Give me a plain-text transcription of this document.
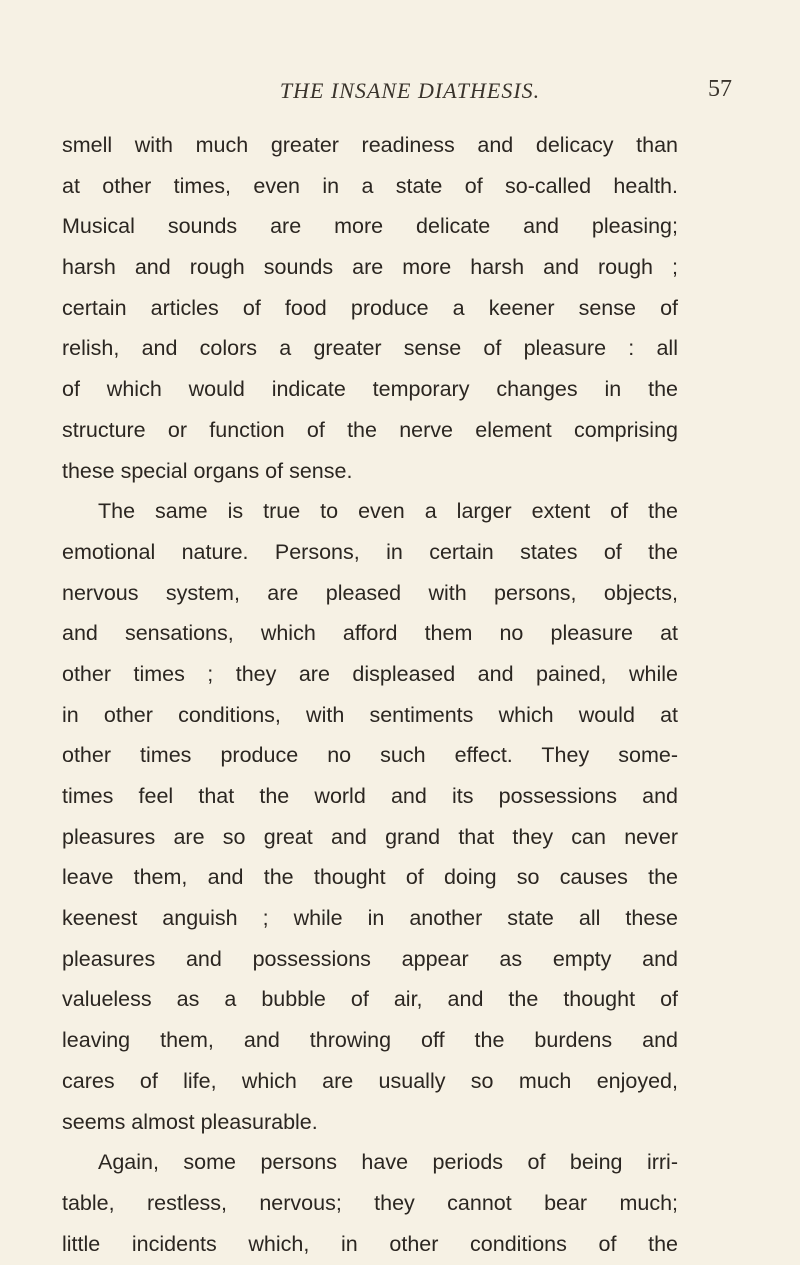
THE INSANE DIATHESIS.	57
smell with much greater readiness and delicacy than
at other times, even in a state of so-called health.
Musical sounds are more delicate and pleasing;
harsh and rough sounds are more harsh and rough ;
certain articles of food produce a keener sense of
relish, and colors a greater sense of pleasure : all
of which would indicate temporary changes in the
structure or function of the nerve element comprising
these special organs of sense.
The same is true to even a larger extent of the
emotional nature. Persons, in certain states of the
nervous system, are pleased with persons, objects,
and sensations, which afford them no pleasure at
other times ; they are displeased and pained, while
in other conditions, with sentiments which would at
other times produce no such effect. They some-
times feel that the world and its possessions and
pleasures are so great and grand that they can never
leave them, and the thought of doing so causes the
keenest anguish ; while in another state all these
pleasures and possessions appear as empty and
valueless as a bubble of air, and the thought of
leaving them, and throwing off the burdens and
cares of life, which are usually so much enjoyed,
seems almost pleasurable.
Again, some persons have periods of being irri-
table, restless, nervous; they cannot bear much;
little incidents which, in other conditions of the
